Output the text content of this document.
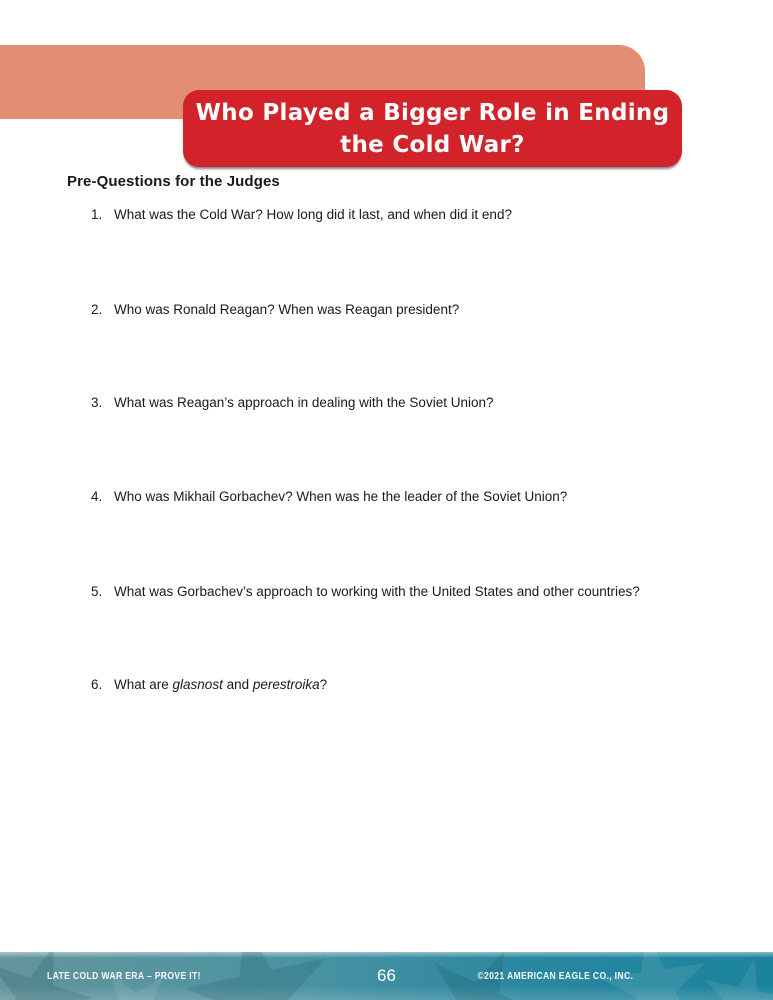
Who Played a Bigger Role in Ending
the Cold War?
Pre-Questions for the Judges
1. What was the Cold War? How long did it last, and when did it end?
2. Who was Ronald Reagan? When was Reagan president?
3. What was Reagan’s approach in dealing with the Soviet Union?
4. Who was Mikhail Gorbachev? When was he the leader of the Soviet Union?
5. What was Gorbachev’s approach to working with the United States and other countries?
6. What are glasnost and perestroika?
LATE COLD WAR ERA – PROVE IT!	66	©2021 AMERICAN EAGLE CO., INC.
